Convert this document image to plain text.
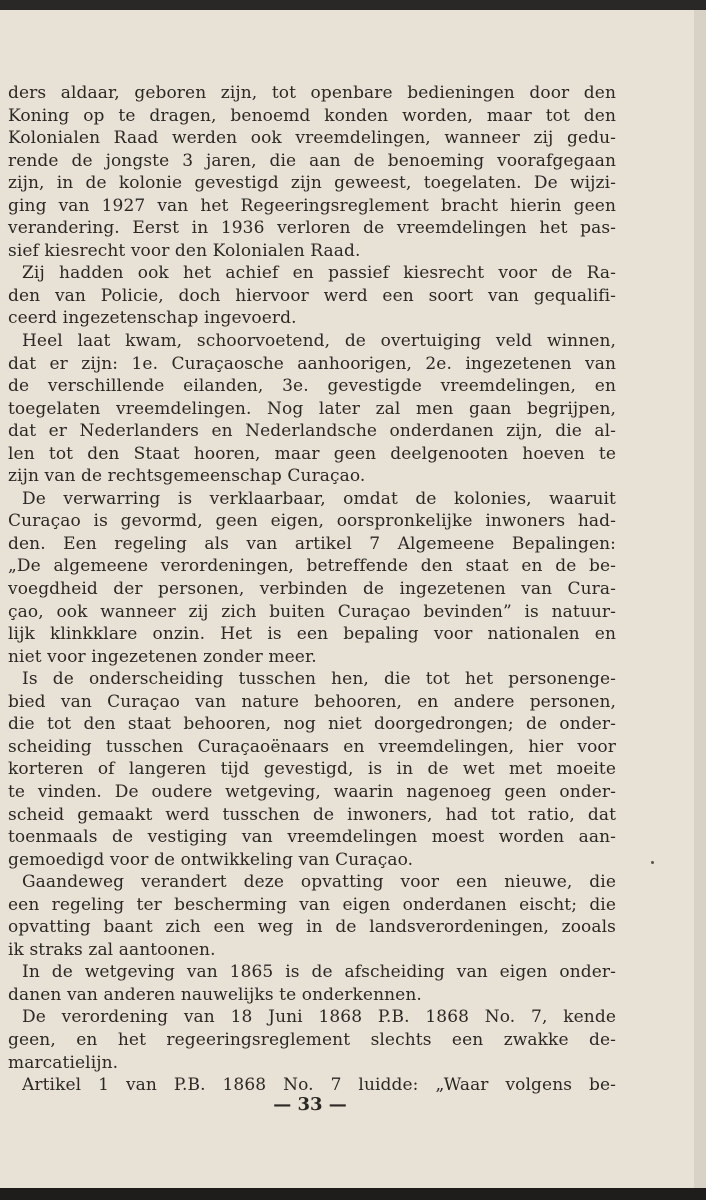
ders aldaar, geboren zijn, tot openbare bedieningen door den
Koning op te dragen, benoemd konden worden, maar tot den
Kolonialen Raad werden ook vreemdelingen, wanneer zij gedu-
rende de jongste 3 jaren, die aan de benoeming voorafgegaan
zijn, in de kolonie gevestigd zijn geweest, toegelaten. De wijzi-
ging van 1927 van het Regeeringsreglement bracht hierin geen
verandering. Eerst in 1936 verloren de vreemdelingen het pas-
sief kiesrecht voor den Kolonialen Raad.
Zij hadden ook het achief en passief kiesrecht voor de Ra-
den van Policie, doch hiervoor werd een soort van gequalifi-
ceerd ingezetenschap ingevoerd.
Heel laat kwam, schoorvoetend, de overtuiging veld winnen,
dat er zijn: 1e. Curaçaosche aanhoorigen, 2e. ingezetenen van
de verschillende eilanden, 3e. gevestigde vreemdelingen, en
toegelaten vreemdelingen. Nog later zal men gaan begrijpen,
dat er Nederlanders en Nederlandsche onderdanen zijn, die al-
len tot den Staat hooren, maar geen deelgenooten hoeven te
zijn van de rechtsgemeenschap Curaçao.
De verwarring is verklaarbaar, omdat de kolonies, waaruit
Curaçao is gevormd, geen eigen, oorspronkelijke inwoners had-
den. Een regeling als van artikel 7 Algemeene Bepalingen:
„De algemeene verordeningen, betreffende den staat en de be-
voegdheid der personen, verbinden de ingezetenen van Cura-
çao, ook wanneer zij zich buiten Curaçao bevinden” is natuur-
lijk klinkklare onzin. Het is een bepaling voor nationalen en
niet voor ingezetenen zonder meer.
Is de onderscheiding tusschen hen, die tot het personenge-
bied van Curaçao van nature behooren, en andere personen,
die tot den staat behooren, nog niet doorgedrongen; de onder-
scheiding tusschen Curaçaoënaars en vreemdelingen, hier voor
korteren of langeren tijd gevestigd, is in de wet met moeite
te vinden. De oudere wetgeving, waarin nagenoeg geen onder-
scheid gemaakt werd tusschen de inwoners, had tot ratio, dat
toenmaals de vestiging van vreemdelingen moest worden aan-
gemoedigd voor de ontwikkeling van Curaçao.
Gaandeweg verandert deze opvatting voor een nieuwe, die
een regeling ter bescherming van eigen onderdanen eischt; die
opvatting baant zich een weg in de landsverordeningen, zooals
ik straks zal aantoonen.
In de wetgeving van 1865 is de afscheiding van eigen onder-
danen van anderen nauwelijks te onderkennen.
De verordening van 18 Juni 1868 P.B. 1868 No. 7, kende
geen, en het regeeringsreglement slechts een zwakke de-
marcatielijn.
Artikel 1 van P.B. 1868 No. 7 luidde: „Waar volgens be-
— 33 —
